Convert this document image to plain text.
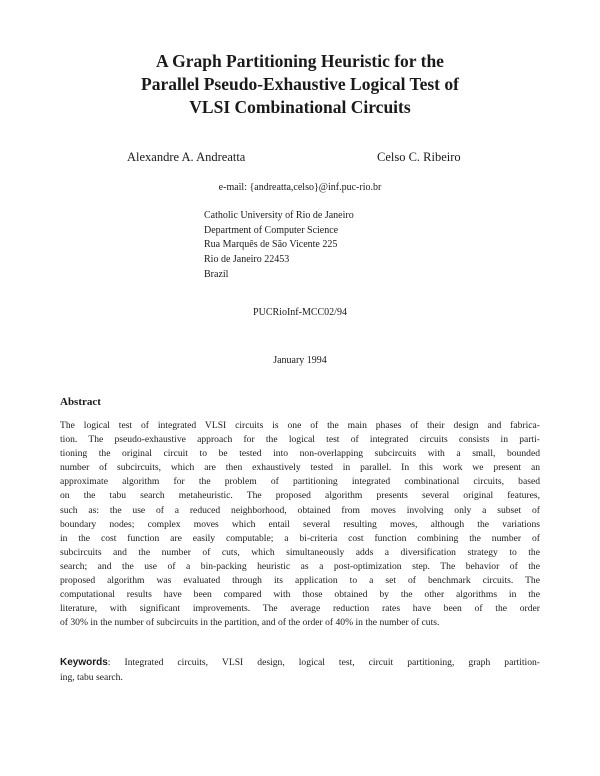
A Graph Partitioning Heuristic for the
Parallel Pseudo-Exhaustive Logical Test of
VLSI Combinational Circuits
Alexandre A. Andreatta	Celso C. Ribeiro
e-mail: {andreatta,celso}@inf.puc-rio.br
Catholic University of Rio de Janeiro
Department of Computer Science
Rua Marquês de São Vicente 225
Rio de Janeiro 22453
Brazil
PUCRioInf-MCC02/94
January 1994
Abstract
The logical test of integrated VLSI circuits is one of the main phases of their design and fabrica-
tion. The pseudo-exhaustive approach for the logical test of integrated circuits consists in parti-
tioning the original circuit to be tested into non-overlapping subcircuits with a small, bounded
number of subcircuits, which are then exhaustively tested in parallel. In this work we present an
approximate algorithm for the problem of partitioning integrated combinational circuits, based
on the tabu search metaheuristic. The proposed algorithm presents several original features,
such as: the use of a reduced neighborhood, obtained from moves involving only a subset of
boundary nodes; complex moves which entail several resulting moves, although the variations
in the cost function are easily computable; a bi-criteria cost function combining the number of
subcircuits and the number of cuts, which simultaneously adds a diversification strategy to the
search; and the use of a bin-packing heuristic as a post-optimization step. The behavior of the
proposed algorithm was evaluated through its application to a set of benchmark circuits. The
computational results have been compared with those obtained by the other algorithms in the
literature, with significant improvements. The average reduction rates have been of the order
of 30% in the number of subcircuits in the partition, and of the order of 40% in the number of cuts.
Keywords: Integrated circuits, VLSI design, logical test, circuit partitioning, graph partition-
ing, tabu search.
